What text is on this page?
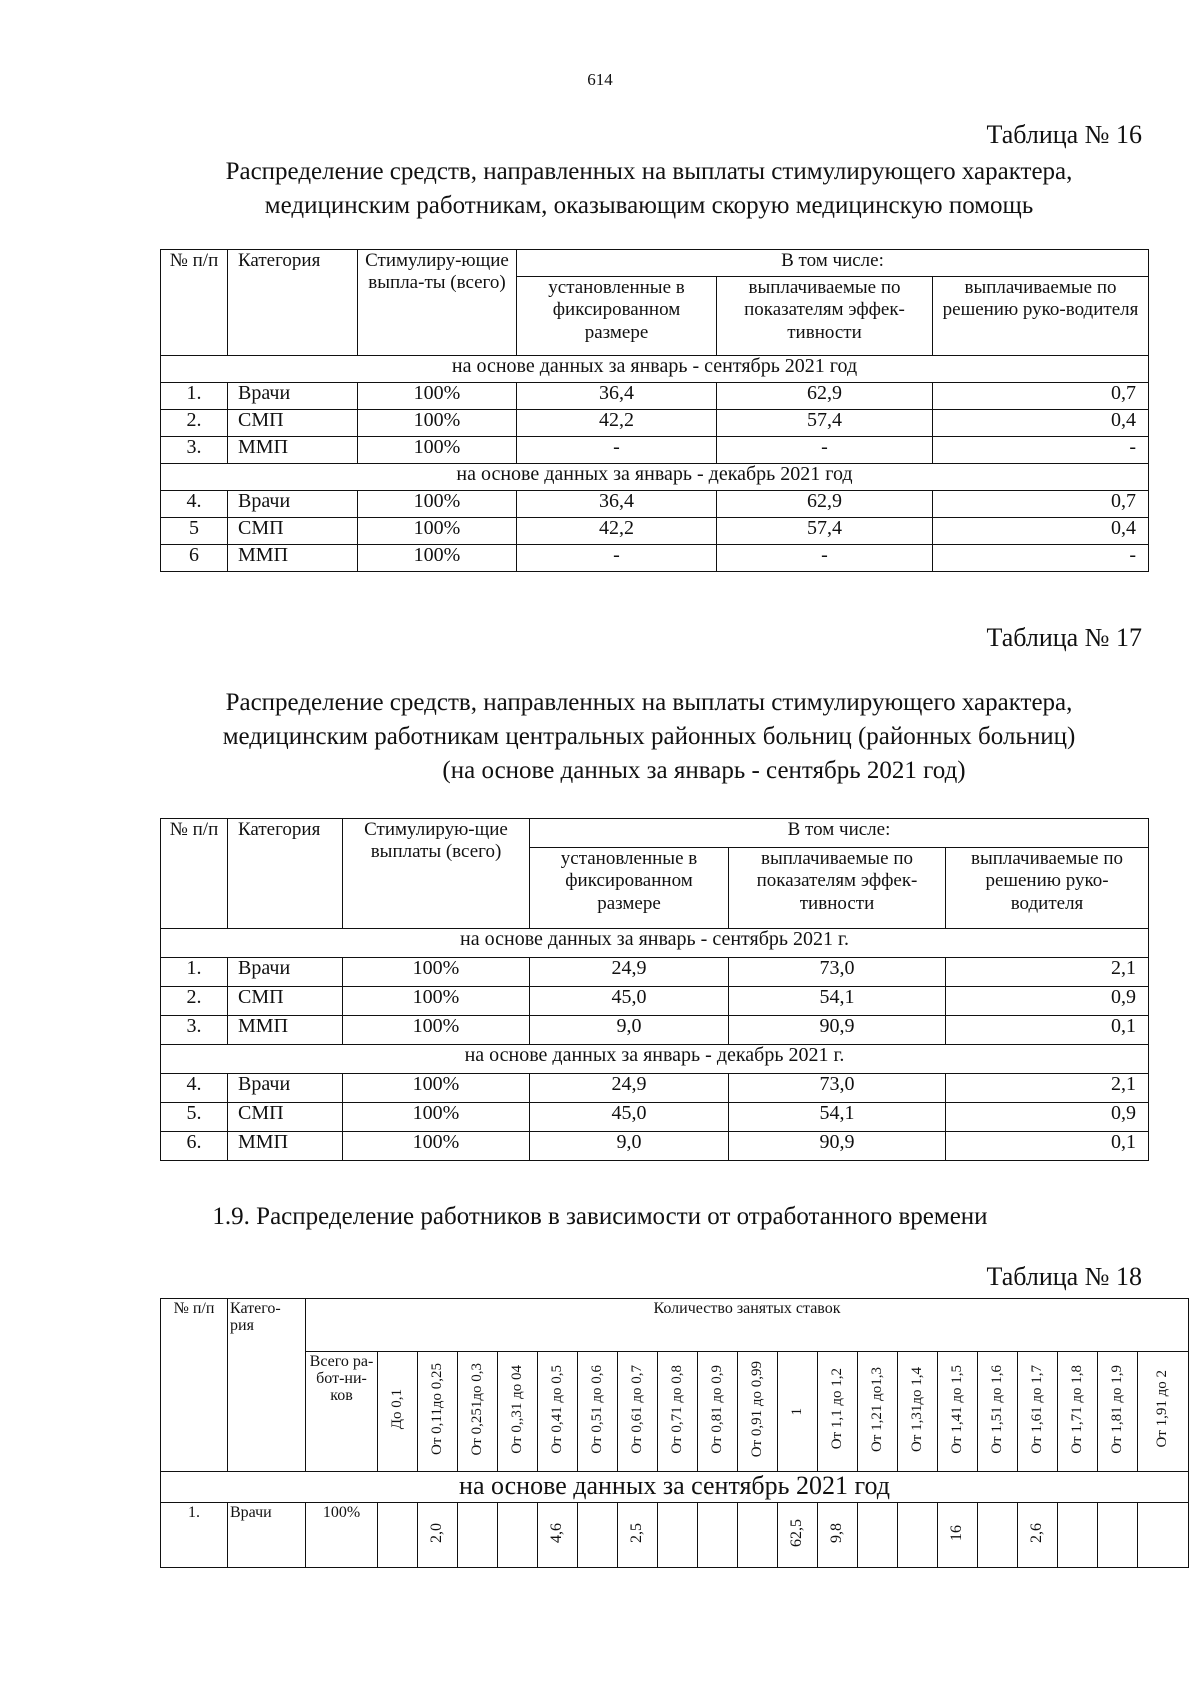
614
Таблица № 16
Распределение средств, направленных на выплаты стимулирующего характера,
медицинским работникам, оказывающим скорую медицинскую помощь
№ п/п	Категория	Стимулиру-ющие выпла-ты (всего)	В том числе:		
			установленные в фиксированном размере	выплачиваемые по показателям эффек-тивности	выплачиваемые по решению руко-водителя
на основе данных за январь - сентябрь 2021 год					
1.	Врачи	100%	36,4	62,9	0,7
2.	СМП	100%	42,2	57,4	0,4
3.	ММП	100%	-	-	-
на основе данных за январь - декабрь 2021 год					
4.	Врачи	100%	36,4	62,9	0,7
5	СМП	100%	42,2	57,4	0,4
6	ММП	100%	-	-	-
Таблица № 17
Распределение средств, направленных на выплаты стимулирующего характера,
медицинским работникам центральных районных больниц (районных больниц)
(на основе данных за январь - сентябрь 2021 год)
№ п/п	Категория	Стимулирую-щие выплаты (всего)	В том числе:		
			установленные в фиксированном размере	выплачиваемые по показателям эффек-тивности	выплачиваемые по решению руко-водителя
на основе данных за январь - сентябрь 2021 г.					
1.	Врачи	100%	24,9	73,0	2,1
2.	СМП	100%	45,0	54,1	0,9
3.	ММП	100%	9,0	90,9	0,1
на основе данных за январь - декабрь 2021 г.					
4.	Врачи	100%	24,9	73,0	2,1
5.	СМП	100%	45,0	54,1	0,9
6.	ММП	100%	9,0	90,9	0,1
1.9. Распределение работников в зависимости от отработанного времени
Таблица № 18
№ п/п	Катего-рия	Количество занятых ставок																				
		Всего ра-бот-ни-ков	До 0,1	От 0,11до 0,25	От 0,251до 0,3	От 0,,31 до 04	От 0,41 до 0,5	От 0,51 до 0,6	От 0,61 до 0,7	От 0,71 до 0,8	От 0,81 до 0,9	От 0,91 до 0,99	1	От 1,1 до 1,2	От 1,21 до1,3	От 1,31до 1,4	От 1,41 до 1,5	От 1,51 до 1,6	От 1,61 до 1,7	От 1,71 до 1,8	От 1,81 до 1,9	От 1,91 до 2
на основе данных за сентябрь 2021 год																						
1.	Врачи	100%		2,0			4,6		2,5				62,5	9,8			16		2,6			
